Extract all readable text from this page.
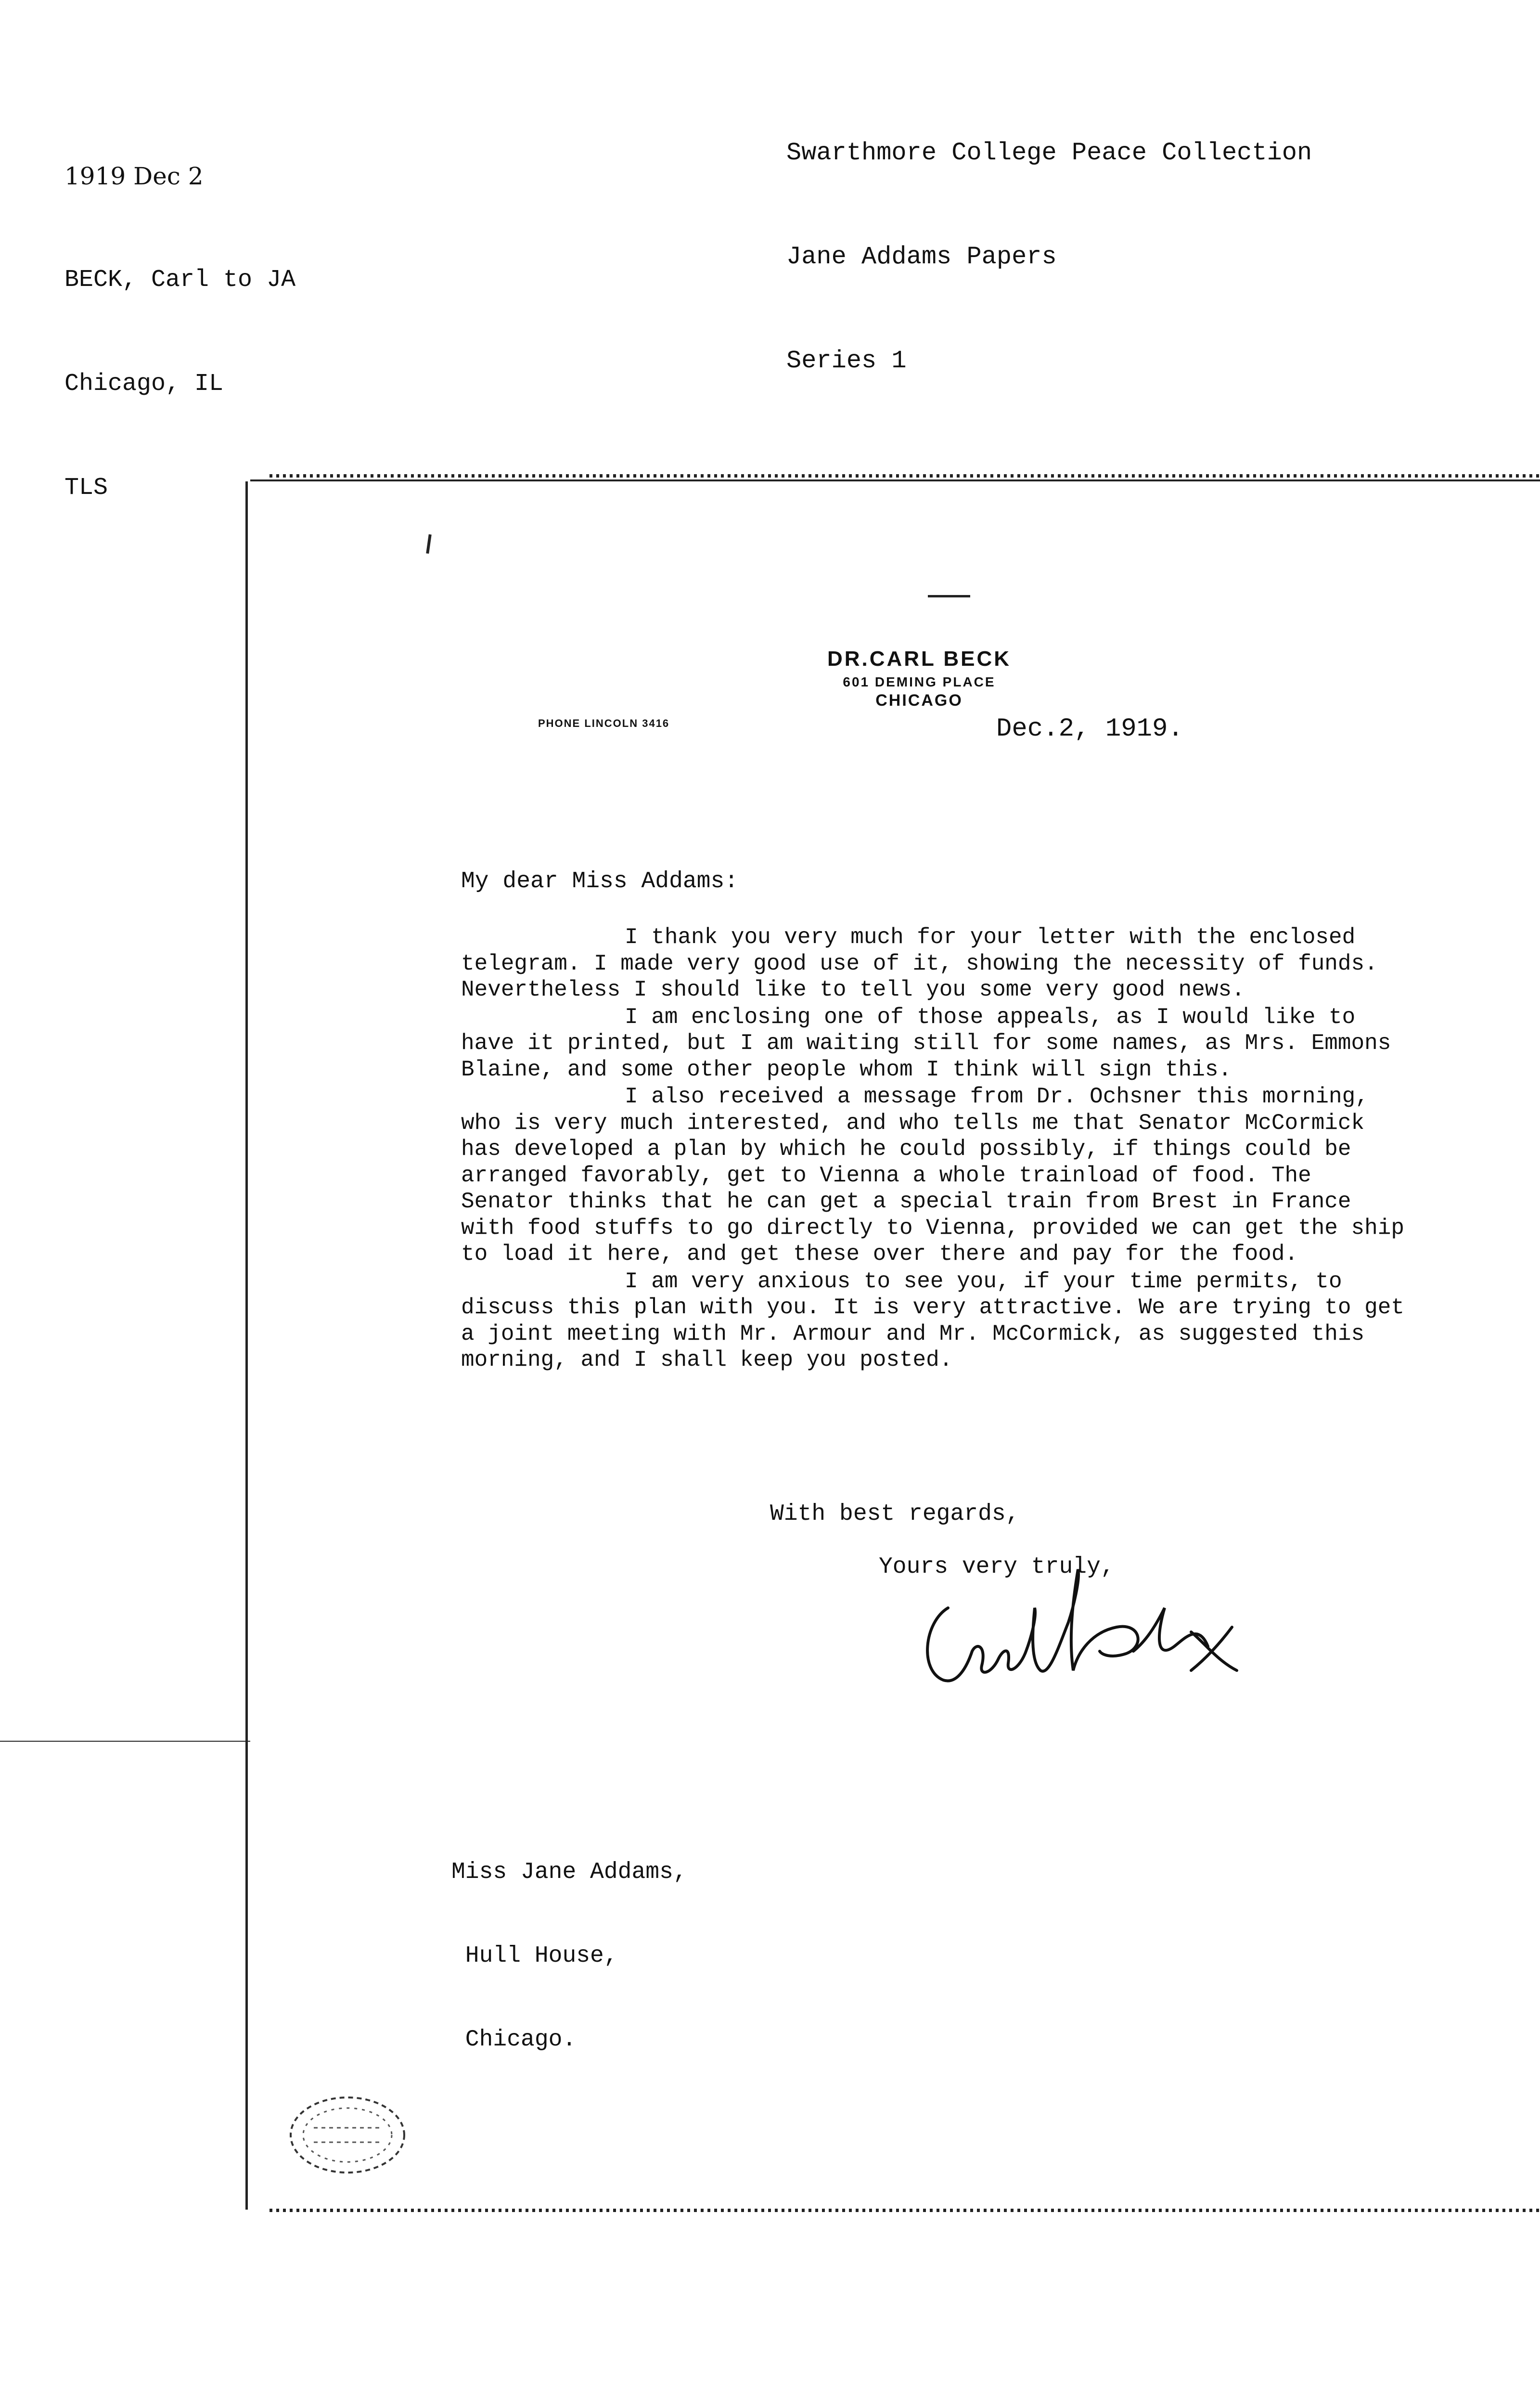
1919 Dec 2

BECK, Carl to JA

Chicago, IL

TLS

Swarthmore College Peace Collection

Jane Addams Papers

Series 1

DR.CARL BECK
601 DEMING PLACE
CHICAGO
PHONE LINCOLN 3416	Dec.2, 1919.
My dear Miss Addams:

I thank you very much for your letter with the enclosed telegram. I made very good use of it, showing the necessity of funds. Nevertheless I should like to tell you some very good news.

I am enclosing one of those appeals, as I would like to have it printed, but I am waiting still for some names, as Mrs. Emmons Blaine, and some other people whom I think will sign this.

I also received a message from Dr. Ochsner this morning, who is very much interested, and who tells me that Senator McCormick has developed a plan by which he could possibly, if things could be arranged favorably, get to Vienna a whole trainload of food. The Senator thinks that he can get a special train from Brest in France with food stuffs to go directly to Vienna, provided we can get the ship to load it here, and get these over there and pay for the food.

I am very anxious to see you, if your time permits, to discuss this plan with you. It is very attractive. We are trying to get a joint meeting with Mr. Armour and Mr. McCormick, as suggested this morning, and I shall keep you posted.

With best regards,
Yours very truly,

Miss Jane Addams,

Hull House,

Chicago.
